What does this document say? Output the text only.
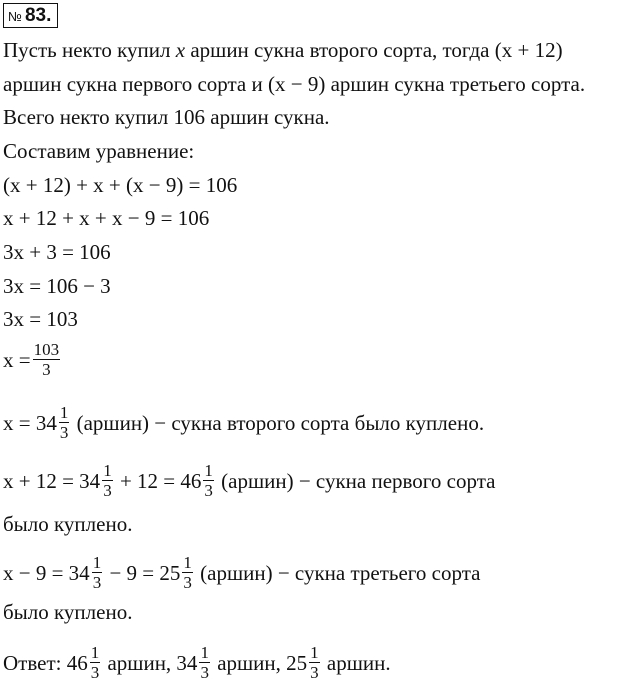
№ 83.
Пусть некто купил x аршин сукна второго сорта, тогда (x + 12)
аршин сукна первого сорта и (x − 9) аршин сукна третьего сорта.
Всего некто купил 106 аршин сукна.
Составим уравнение:
(x + 12) + x + (x − 9) = 106
x + 12 + x + x − 9 = 106
3x + 3 = 106
3x = 106 − 3
3x = 103
$x = \frac{103}{3}$
$x = 34 \frac{1}{3}$ (аршин) − сукна второго сорта было куплено.
$x + 12 = 34 \frac{1}{3} + 12 = 46 \frac{1}{3}$ (аршин) − сукна первого сорта
было куплено.
$x - 9 = 34 \frac{1}{3} - 9 = 25 \frac{1}{3}$ (аршин) − сукна третьего сорта
было куплено.
Ответ: $46 \frac{1}{3}$ аршин, $34 \frac{1}{3}$ аршин, $25 \frac{1}{3}$ аршин.
